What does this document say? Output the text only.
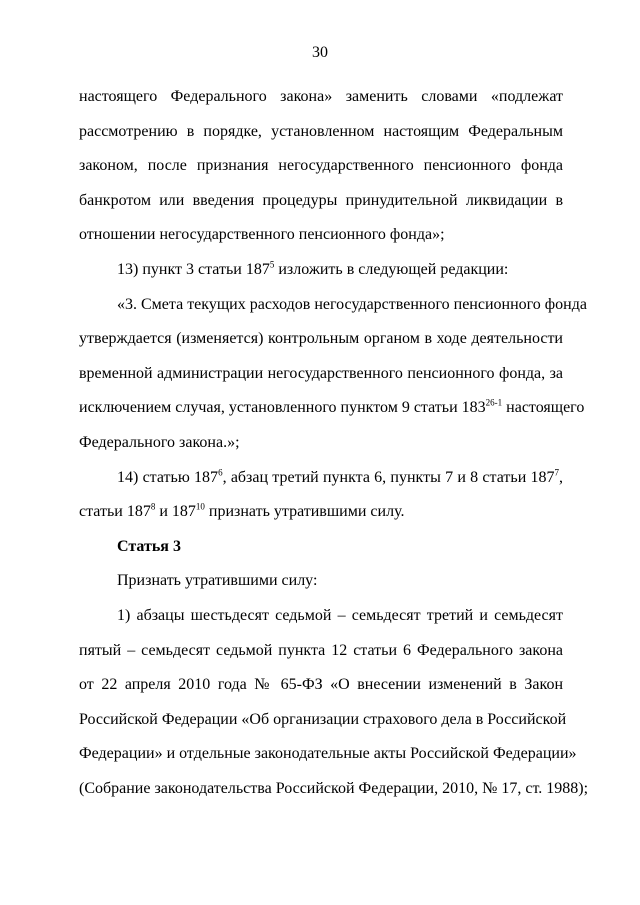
30
настоящего Федерального закона» заменить словами «подлежат
рассмотрению в порядке, установленном настоящим Федеральным
законом, после признания негосударственного пенсионного фонда
банкротом или введения процедуры принудительной ликвидации в
отношении негосударственного пенсионного фонда»;
13) пункт 3 статьи $187^5$ изложить в следующей редакции:
«3. Смета текущих расходов негосударственного пенсионного фонда
утверждается (изменяется) контрольным органом в ходе деятельности
временной администрации негосударственного пенсионного фонда, за
исключением случая, установленного пунктом 9 статьи 183$^{26-1}$ настоящего
Федерального закона.»;
14) статью $187^6$, абзац третий пункта 6, пункты 7 и 8 статьи $187^7$,
статьи $187^8$ и $187^{10}$ признать утратившими силу.
Статья 3
Признать утратившими силу:
1) абзацы шестьдесят седьмой – семьдесят третий и семьдесят
пятый – семьдесят седьмой пункта 12 статьи 6 Федерального закона
от 22 апреля 2010 года № 65-ФЗ «О внесении изменений в Закон
Российской Федерации «Об организации страхового дела в Российской
Федерации» и отдельные законодательные акты Российской Федерации»
(Собрание законодательства Российской Федерации, 2010, № 17, ст. 1988);
